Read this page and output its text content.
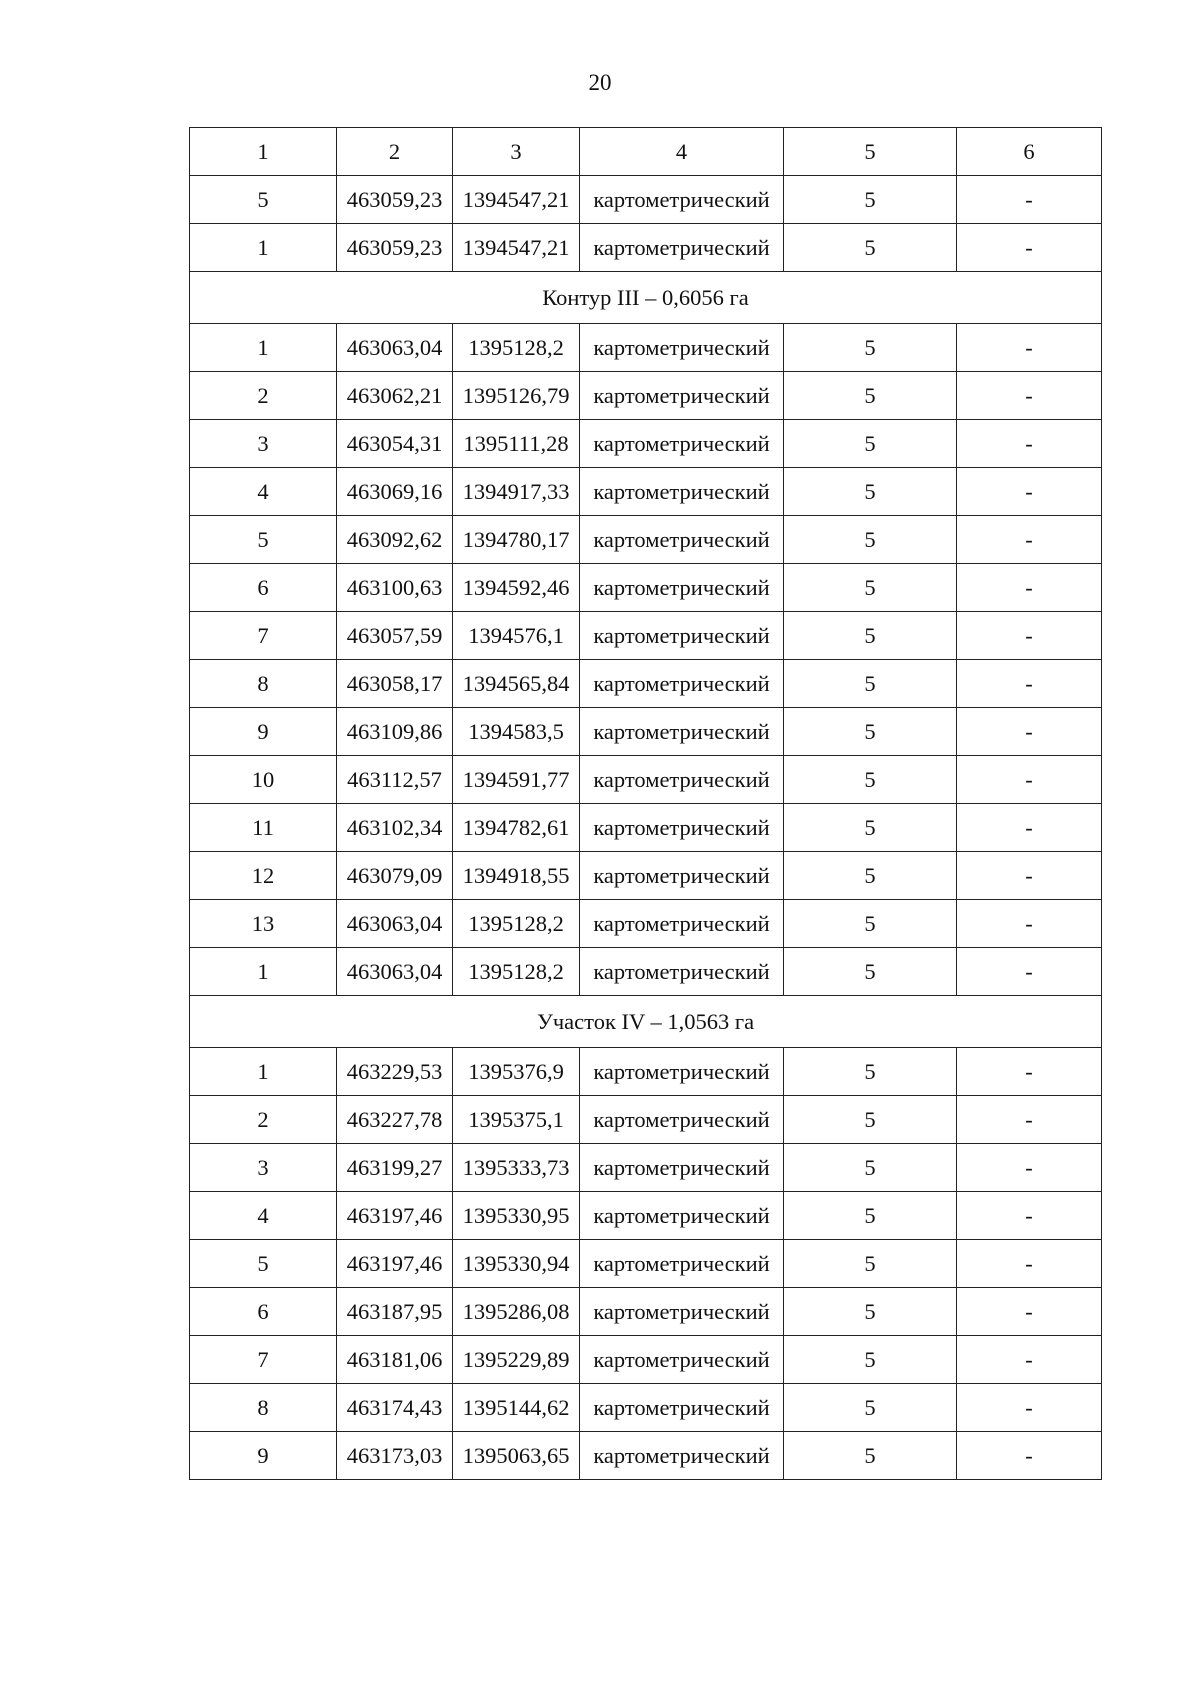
20
1	2	3	4	5	6
5	463059,23	1394547,21	картометрический	5	-
1	463059,23	1394547,21	картометрический	5	-
Контур III – 0,6056 га					
1	463063,04	1395128,2	картометрический	5	-
2	463062,21	1395126,79	картометрический	5	-
3	463054,31	1395111,28	картометрический	5	-
4	463069,16	1394917,33	картометрический	5	-
5	463092,62	1394780,17	картометрический	5	-
6	463100,63	1394592,46	картометрический	5	-
7	463057,59	1394576,1	картометрический	5	-
8	463058,17	1394565,84	картометрический	5	-
9	463109,86	1394583,5	картометрический	5	-
10	463112,57	1394591,77	картометрический	5	-
11	463102,34	1394782,61	картометрический	5	-
12	463079,09	1394918,55	картометрический	5	-
13	463063,04	1395128,2	картометрический	5	-
1	463063,04	1395128,2	картометрический	5	-
Участок IV – 1,0563 га					
1	463229,53	1395376,9	картометрический	5	-
2	463227,78	1395375,1	картометрический	5	-
3	463199,27	1395333,73	картометрический	5	-
4	463197,46	1395330,95	картометрический	5	-
5	463197,46	1395330,94	картометрический	5	-
6	463187,95	1395286,08	картометрический	5	-
7	463181,06	1395229,89	картометрический	5	-
8	463174,43	1395144,62	картометрический	5	-
9	463173,03	1395063,65	картометрический	5	-
